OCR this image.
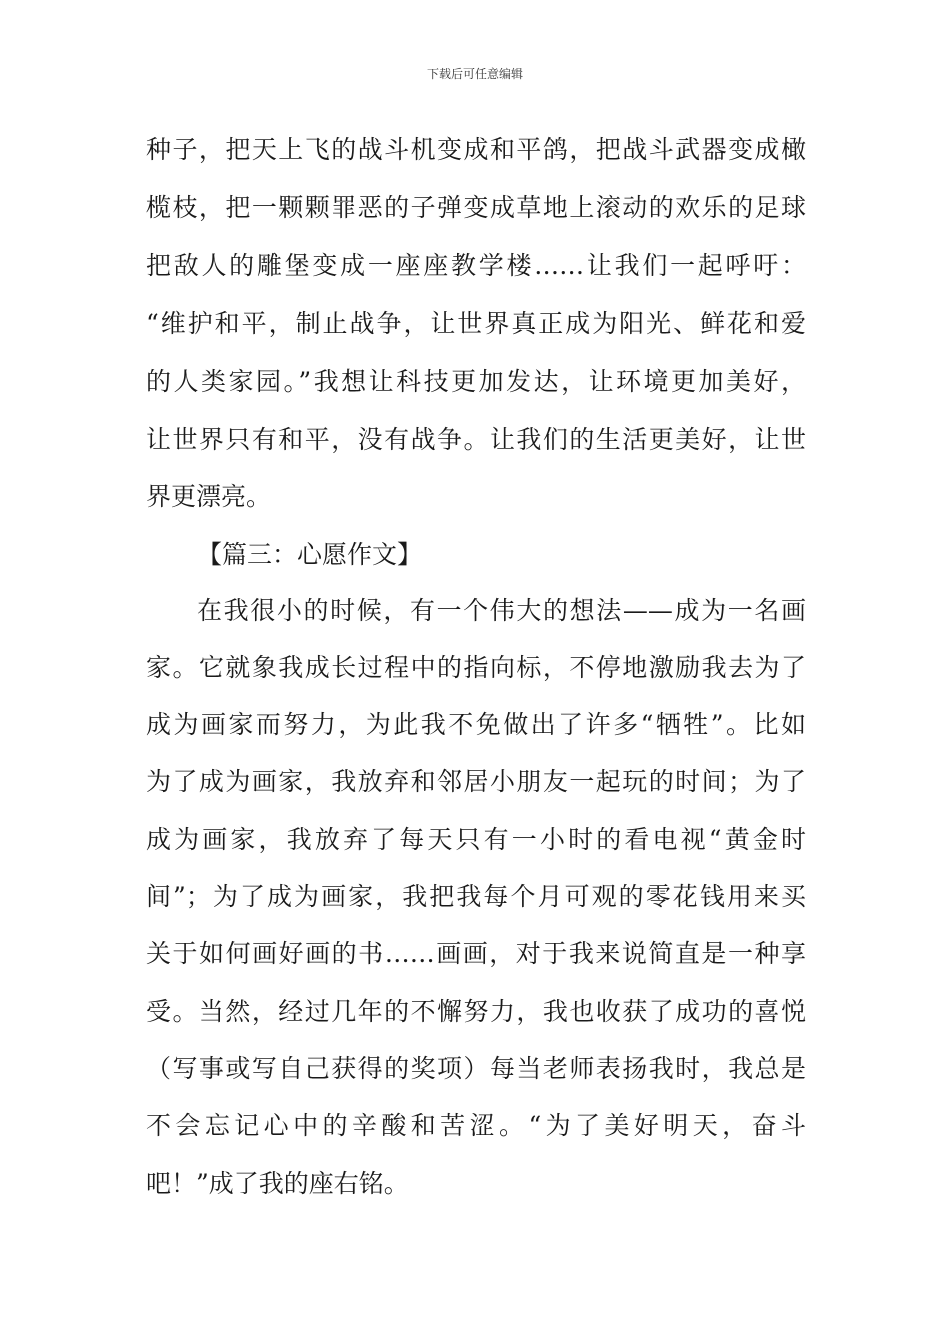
下载后可任意编辑
种子，把天上飞的战斗机变成和平鸽，把战斗武器变成橄
榄枝，把一颗颗罪恶的子弹变成草地上滚动的欢乐的足球
把敌人的雕堡变成一座座教学楼……让我们一起呼吁：
“维护和平，制止战争，让世界真正成为阳光、鲜花和爱
的人类家园。”我想让科技更加发达，让环境更加美好，
让世界只有和平，没有战争。让我们的生活更美好，让世
界更漂亮。
【篇三：心愿作文】
在我很小的时候，有一个伟大的想法——成为一名画
家。它就象我成长过程中的指向标，不停地激励我去为了
成为画家而努力，为此我不免做出了许多“牺牲”。比如
为了成为画家，我放弃和邻居小朋友一起玩的时间；为了
成为画家，我放弃了每天只有一小时的看电视“黄金时
间”；为了成为画家，我把我每个月可观的零花钱用来买
关于如何画好画的书……画画，对于我来说简直是一种享
受。当然，经过几年的不懈努力，我也收获了成功的喜悦
（写事或写自己获得的奖项）每当老师表扬我时，我总是
不会忘记心中的辛酸和苦涩。“为了美好明天，奋斗
吧！”成了我的座右铭。
